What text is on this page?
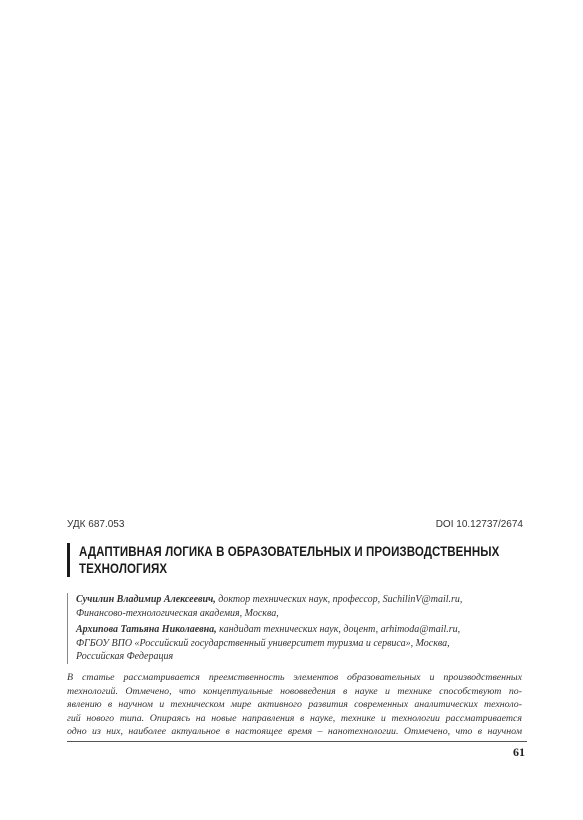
УДК 687.053	DOI 10.12737/2674
АДАПТИВНАЯ ЛОГИКА В ОБРАЗОВАТЕЛЬНЫХ И ПРОИЗВОДСТВЕННЫХ ТЕХНОЛОГИЯХ

Сучилин Владимир Алексеевич, доктор технических наук, профессор, SuchilinV@mail.ru,

Финансово-технологическая академия, Москва,

Архипова Татьяна Николаевна, кандидат технических наук, доцент, arhimoda@mail.ru,

ФГБОУ ВПО «Российский государственный университет туризма и сервиса», Москва,

Российская Федерация

В статье рассматривается преемственность элементов образовательных и производственных
технологий. Отмечено, что концептуальные нововведения в науке и технике способствуют по-
явлению в научном и техническом мире активного развития современных аналитических техноло-
гий нового типа. Опираясь на новые направления в науке, технике и технологии рассматривается
одно из них, наиболее актуальное в настоящее время – нанотехнологии. Отмечено, что в научном
61
